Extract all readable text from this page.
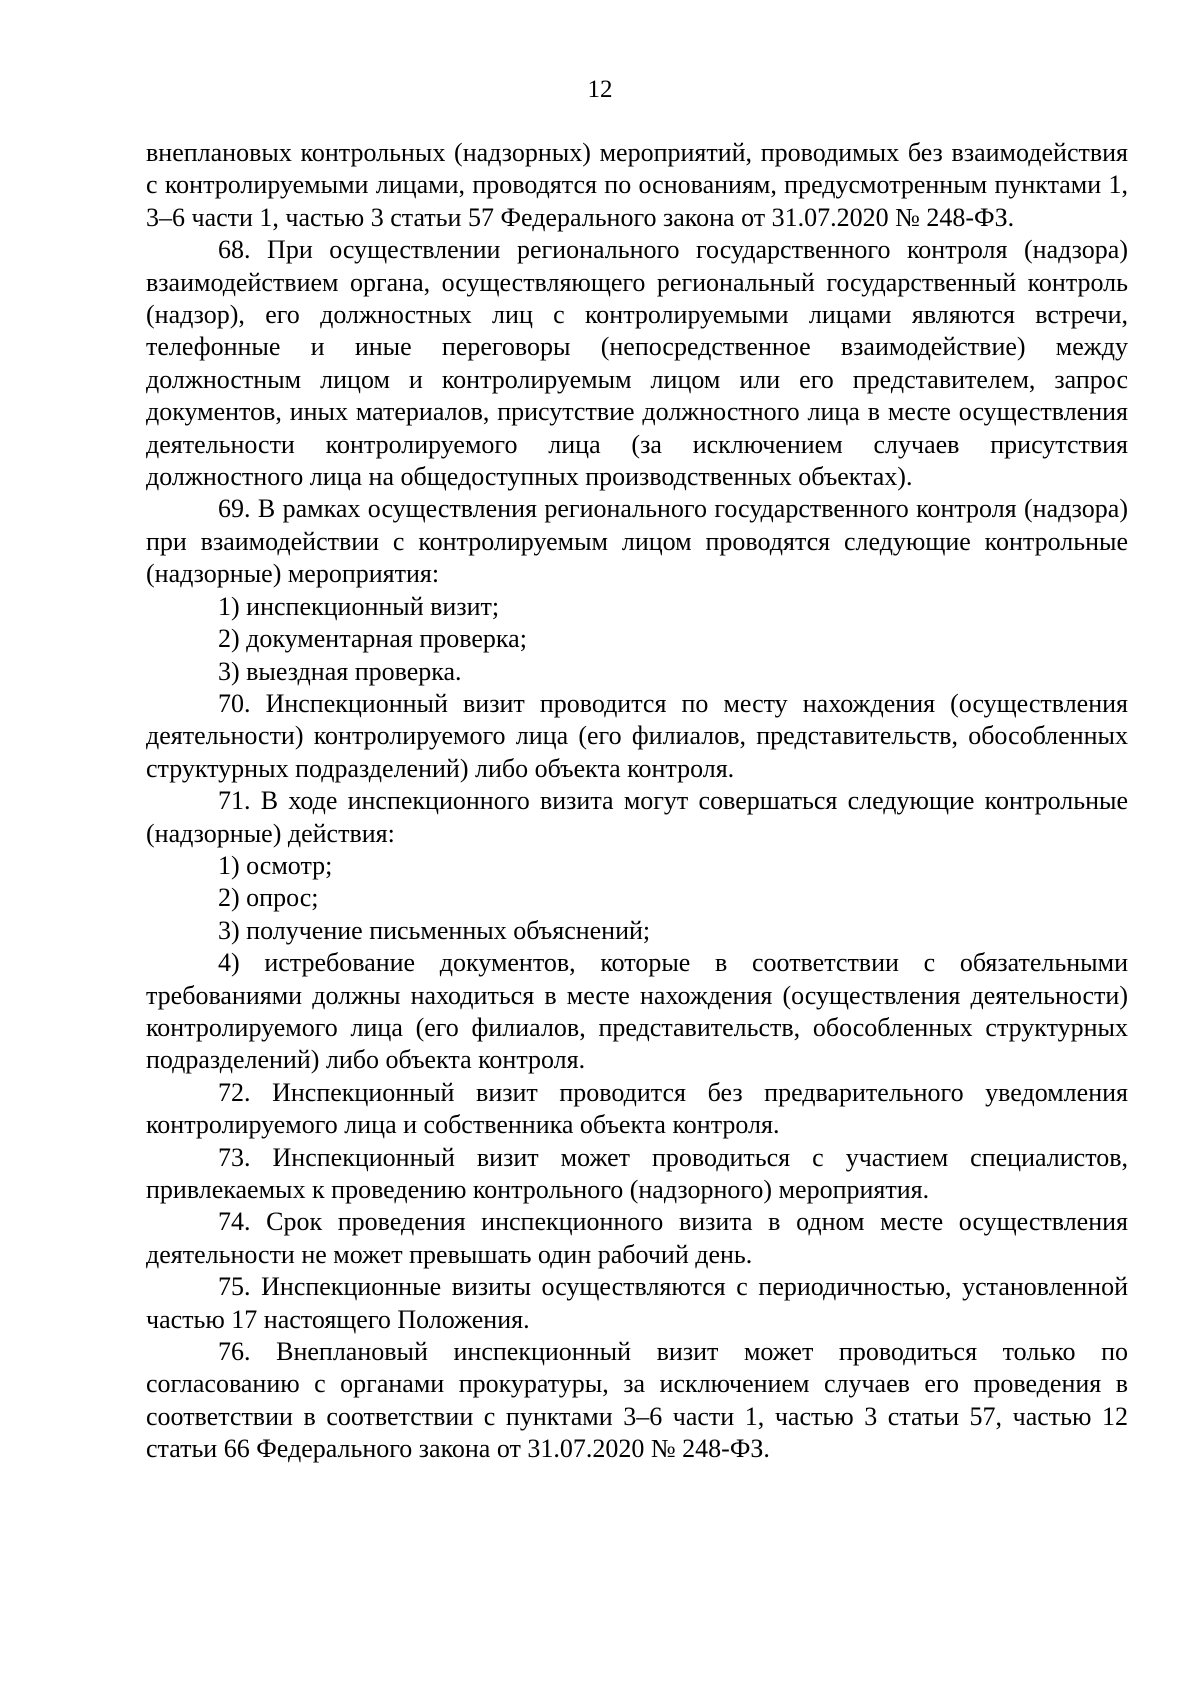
12

внеплановых контрольных (надзорных) мероприятий, проводимых без взаимодействия с контролируемыми лицами, проводятся по основаниям, предусмотренным пунктами 1, 3–6 части 1, частью 3 статьи 57 Федерального закона от 31.07.2020 № 248-ФЗ.

68. При осуществлении регионального государственного контроля (надзора) взаимодействием органа, осуществляющего региональный государственный контроль (надзор), его должностных лиц с контролируемыми лицами являются встречи, телефонные и иные переговоры (непосредственное взаимодействие) между должностным лицом и контролируемым лицом или его представителем, запрос документов, иных материалов, присутствие должностного лица в месте осуществления деятельности контролируемого лица (за исключением случаев присутствия должностного лица на общедоступных производственных объектах).

69. В рамках осуществления регионального государственного контроля (надзора) при взаимодействии с контролируемым лицом проводятся следующие контрольные (надзорные) мероприятия:

1) инспекционный визит;

2) документарная проверка;

3) выездная проверка.

70. Инспекционный визит проводится по месту нахождения (осуществления деятельности) контролируемого лица (его филиалов, представительств, обособленных структурных подразделений) либо объекта контроля.

71. В ходе инспекционного визита могут совершаться следующие контрольные (надзорные) действия:

1) осмотр;

2) опрос;

3) получение письменных объяснений;

4) истребование документов, которые в соответствии с обязательными требованиями должны находиться в месте нахождения (осуществления деятельности) контролируемого лица (его филиалов, представительств, обособленных структурных подразделений) либо объекта контроля.

72. Инспекционный визит проводится без предварительного уведомления контролируемого лица и собственника объекта контроля.

73. Инспекционный визит может проводиться с участием специалистов, привлекаемых к проведению контрольного (надзорного) мероприятия.

74. Срок проведения инспекционного визита в одном месте осуществления деятельности не может превышать один рабочий день.

75. Инспекционные визиты осуществляются с периодичностью, установленной частью 17 настоящего Положения.

76. Внеплановый инспекционный визит может проводиться только по согласованию с органами прокуратуры, за исключением случаев его проведения в соответствии в соответствии с пунктами 3–6 части 1, частью 3 статьи 57, частью 12 статьи 66 Федерального закона от 31.07.2020 № 248-ФЗ.
